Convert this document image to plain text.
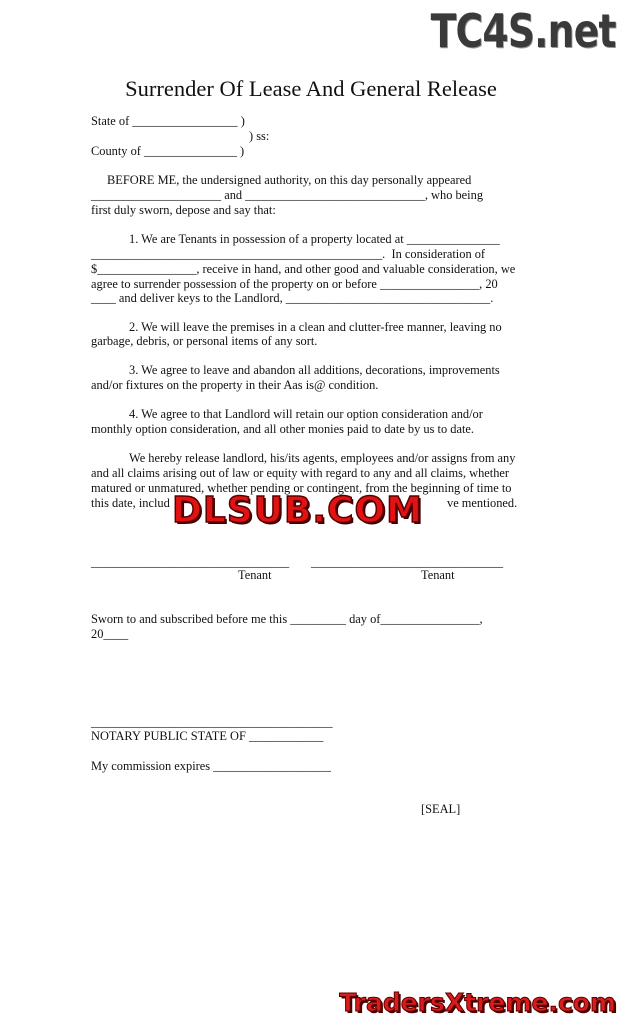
TC4S.net
Surrender Of Lease And General Release
State of _________________ )
) ss:
County of _______________ )
BEFORE ME, the undersigned authority, on this day personally appeared
_____________________ and _____________________________, who being
first duly sworn, depose and say that:
1. We are Tenants in possession of a property located at _______________
_______________________________________________.  In consideration of
$________________, receive in hand, and other good and valuable consideration, we
agree to surrender possession of the property on or before ________________, 20
____ and deliver keys to the Landlord, _________________________________.
2. We will leave the premises in a clean and clutter-free manner, leaving no
garbage, debris, or personal items of any sort.
3. We agree to leave and abandon all additions, decorations, improvements
and/or fixtures on the property in their Aas is@ condition.
4. We agree to that Landlord will retain our option consideration and/or
monthly option consideration, and all other monies paid to date by us to date.
We hereby release landlord, his/its agents, employees and/or assigns from any
and all claims arising out of law or equity with regard to any and all claims, whether
matured or unmatured, whether pending or contingent, from the beginning of time to
this date, includ	ve mentioned.
DLSUB.COM
________________________________ _______________________________
Tenant	Tenant
Sworn to and subscribed before me this _________ day of________________,
20____
_______________________________________
NOTARY PUBLIC STATE OF ____________
My commission expires ___________________
[SEAL]
TradersXtreme.com
